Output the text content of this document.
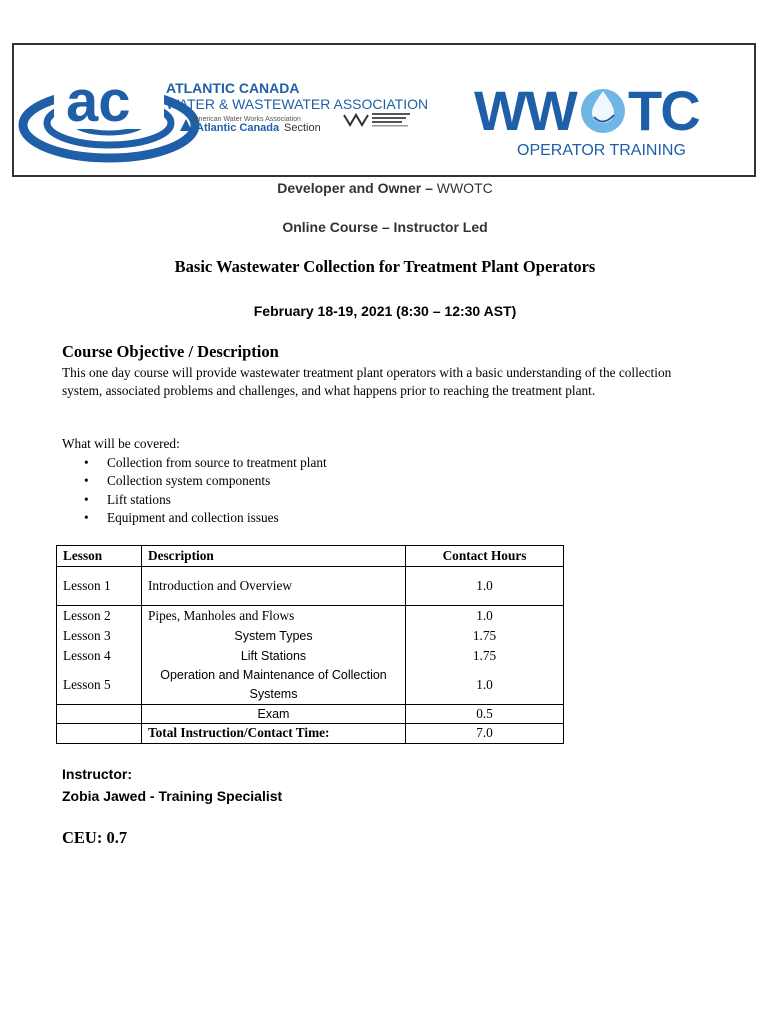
ac	ATLANTIC CANADA
WATER & WASTEWATER ASSOCIATION
American Water Works Association
Atlantic Canada Section	WW TC
OPERATOR TRAINING
Developer and Owner – WWOTC
Online Course – Instructor Led
Basic Wastewater Collection for Treatment Plant Operators
February 18-19, 2021 (8:30 – 12:30 AST)
Course Objective / Description
This one day course will provide wastewater treatment plant operators with a basic understanding of the collection system, associated problems and challenges, and what happens prior to reaching the treatment plant.
What will be covered:
• Collection from source to treatment plant
• Collection system components
• Lift stations
• Equipment and collection issues
Lesson	Description	Contact Hours
Lesson 1	Introduction and Overview	1.0
Lesson 2	Pipes, Manholes and Flows	1.0
Lesson 3	System Types	1.75
Lesson 4	Lift Stations	1.75
Lesson 5	Operation and Maintenance of Collection Systems	1.0
	Exam	0.5
	Total Instruction/Contact Time:	7.0
Instructor:
Zobia Jawed - Training Specialist
CEU: 0.7
